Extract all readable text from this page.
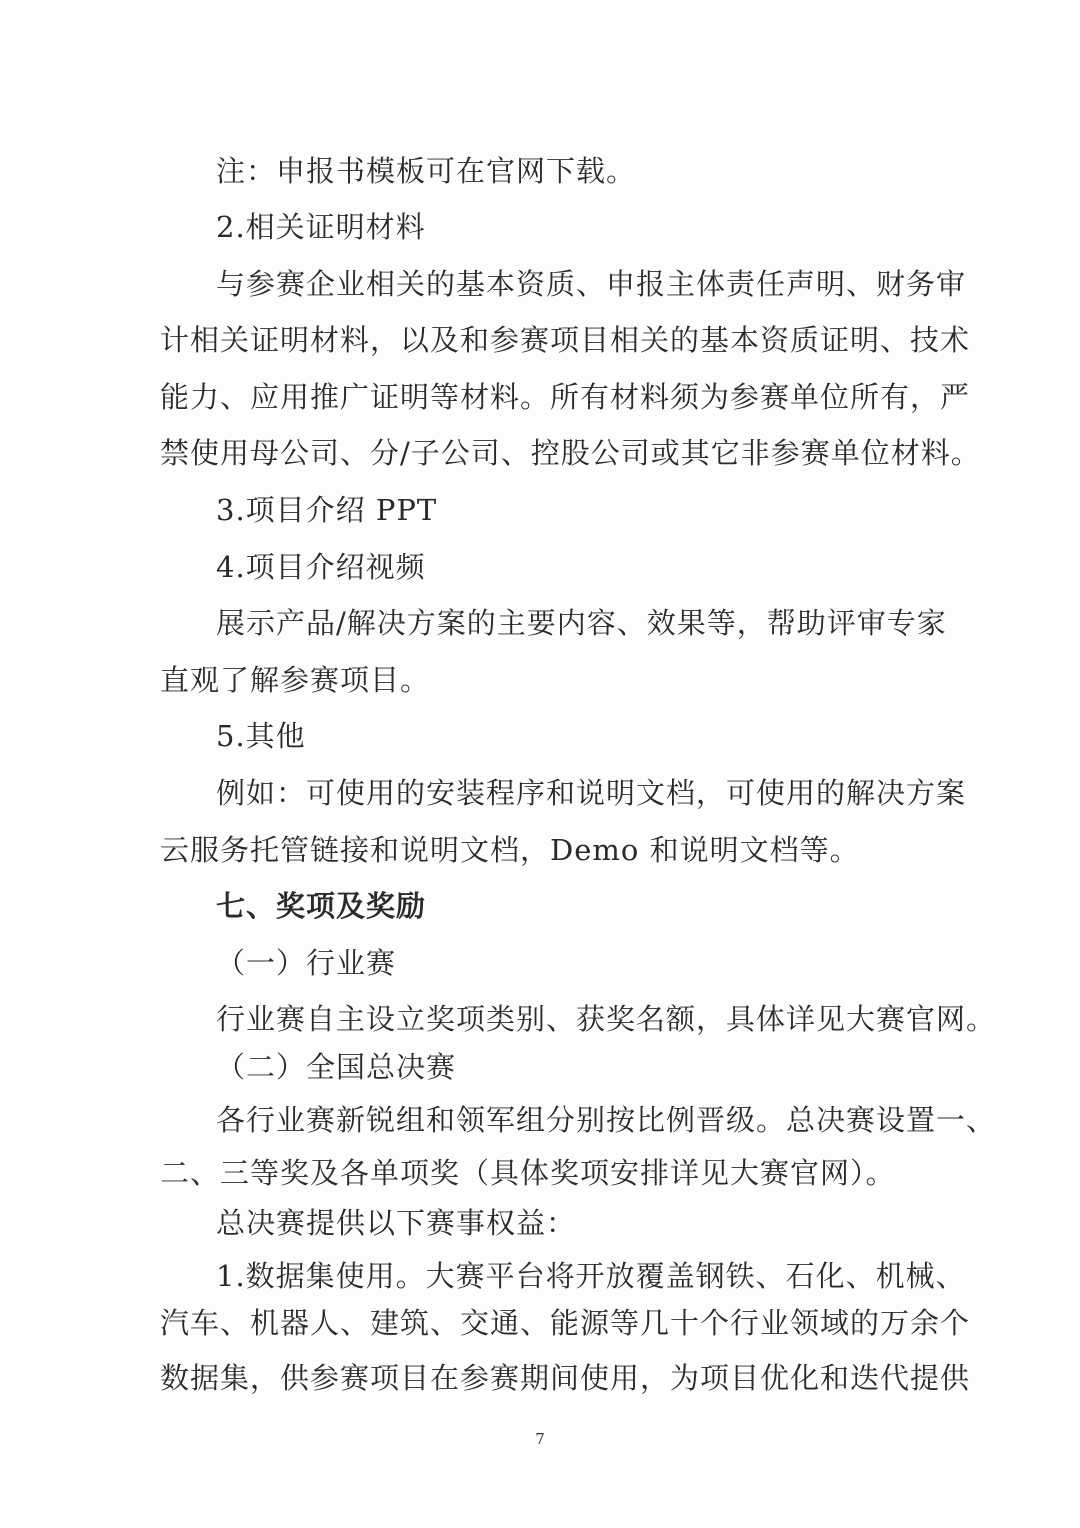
注：申报书模板可在官网下载。
2.相关证明材料
与参赛企业相关的基本资质、申报主体责任声明、财务审
计相关证明材料，以及和参赛项目相关的基本资质证明、技术
能力、应用推广证明等材料。所有材料须为参赛单位所有，严
禁使用母公司、分/子公司、控股公司或其它非参赛单位材料。
3.项目介绍 PPT
4.项目介绍视频
展示产品/解决方案的主要内容、效果等，帮助评审专家
直观了解参赛项目。
5.其他
例如：可使用的安装程序和说明文档，可使用的解决方案
云服务托管链接和说明文档，Demo 和说明文档等。
七、奖项及奖励
（一）行业赛
行业赛自主设立奖项类别、获奖名额，具体详见大赛官网。
（二）全国总决赛
各行业赛新锐组和领军组分别按比例晋级。总决赛设置一、
二、三等奖及各单项奖（具体奖项安排详见大赛官网）。
总决赛提供以下赛事权益：
1.数据集使用。大赛平台将开放覆盖钢铁、石化、机械、
汽车、机器人、建筑、交通、能源等几十个行业领域的万余个
数据集，供参赛项目在参赛期间使用，为项目优化和迭代提供
7
